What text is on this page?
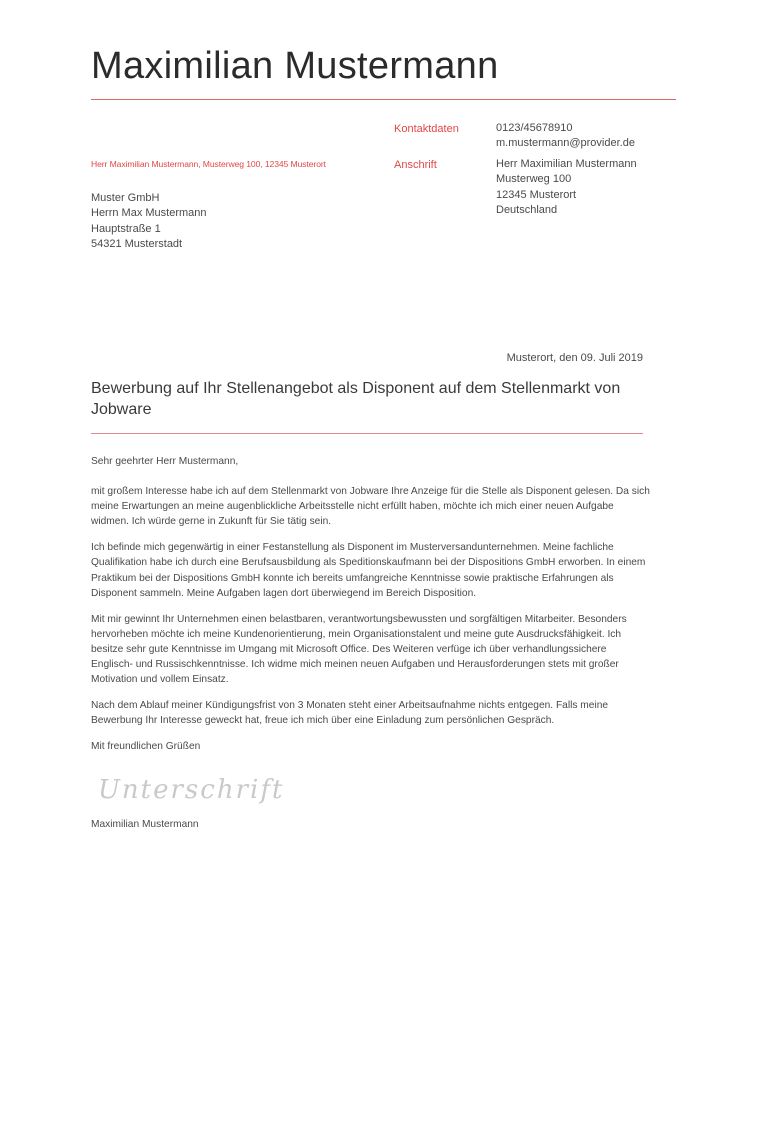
Maximilian Mustermann
Kontaktdaten	0123/45678910
m.mustermann@provider.de
Anschrift	Herr Maximilian Mustermann
Musterweg 100
12345 Musterort
Deutschland
Herr Maximilian Mustermann, Musterweg 100, 12345 Musterort
Muster GmbH
Herrn Max Mustermann
Hauptstraße 1
54321 Musterstadt
Musterort, den 09. Juli 2019
Bewerbung auf Ihr Stellenangebot als Disponent auf dem Stellenmarkt von Jobware

Sehr geehrter Herr Mustermann,

mit großem Interesse habe ich auf dem Stellenmarkt von Jobware Ihre Anzeige für die Stelle als Disponent gelesen. Da sich meine Erwartungen an meine augenblickliche Arbeitsstelle nicht erfüllt haben, möchte ich mich einer neuen Aufgabe widmen. Ich würde gerne in Zukunft für Sie tätig sein.

Ich befinde mich gegenwärtig in einer Festanstellung als Disponent im Musterversandunternehmen. Meine fachliche Qualifikation habe ich durch eine Berufsausbildung als Speditionskaufmann bei der Dispositions GmbH erworben. In einem Praktikum bei der Dispositions GmbH konnte ich bereits umfangreiche Kenntnisse sowie praktische Erfahrungen als Disponent sammeln. Meine Aufgaben lagen dort überwiegend im Bereich Disposition.

Mit mir gewinnt Ihr Unternehmen einen belastbaren, verantwortungsbewussten und sorgfältigen Mitarbeiter. Besonders hervorheben möchte ich meine Kundenorientierung, mein Organisationstalent und meine gute Ausdrucksfähigkeit. Ich besitze sehr gute Kenntnisse im Umgang mit Microsoft Office. Des Weiteren verfüge ich über verhandlungssichere Englisch- und Russischkenntnisse. Ich widme mich meinen neuen Aufgaben und Herausforderungen stets mit großer Motivation und vollem Einsatz.

Nach dem Ablauf meiner Kündigungsfrist von 3 Monaten steht einer Arbeitsaufnahme nichts entgegen. Falls meine Bewerbung Ihr Interesse geweckt hat, freue ich mich über eine Einladung zum persönlichen Gespräch.

Mit freundlichen Grüßen

Unterschrift
Maximilian Mustermann
